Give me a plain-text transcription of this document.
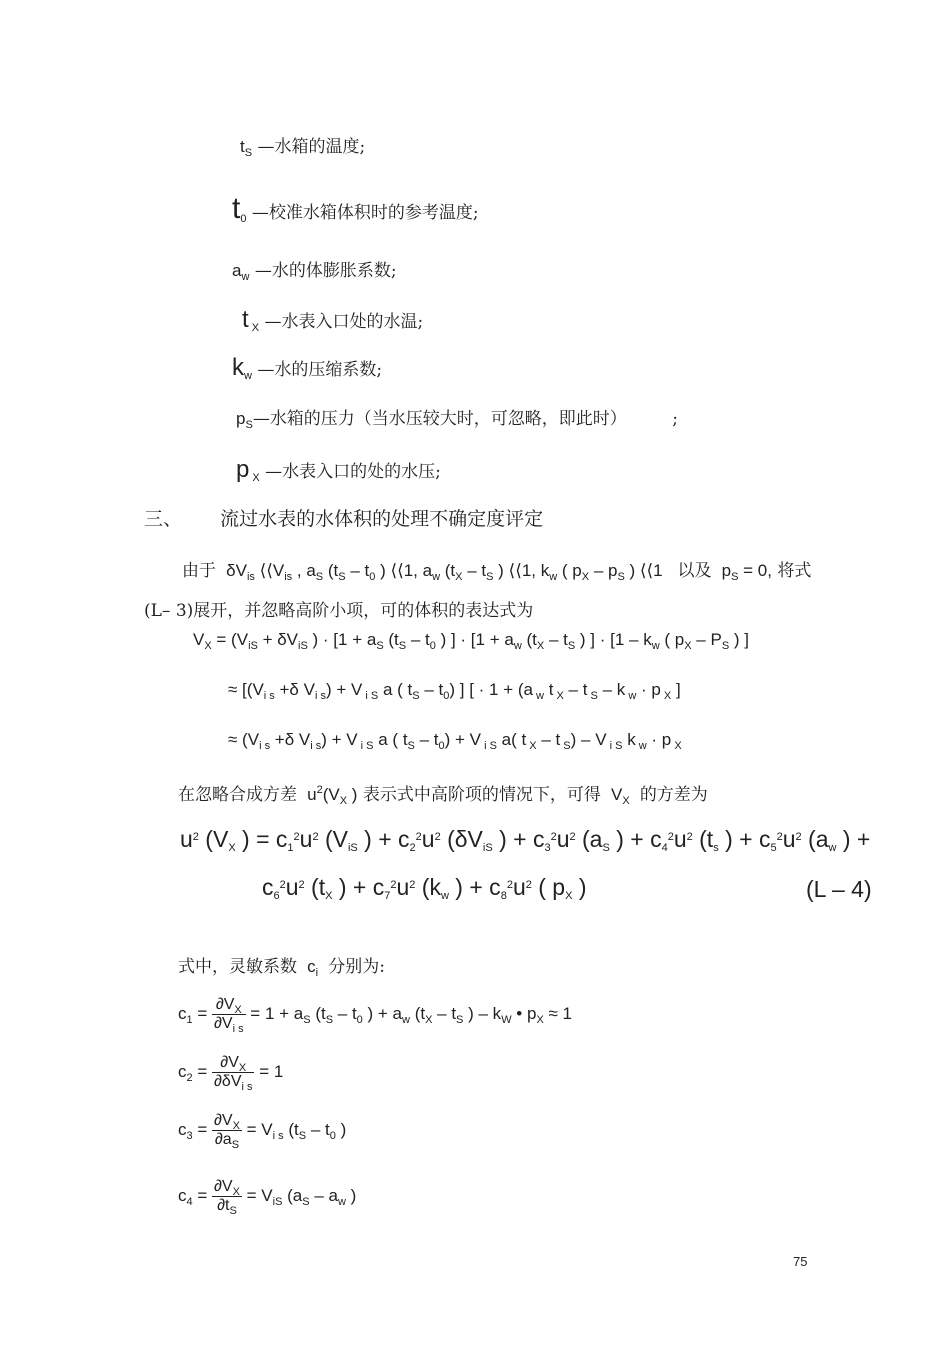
$t_S$ —水箱的温度;
$t_0$ —校准水箱体积时的参考温度;
$a_w$ —水的体膨胀系数;
t $_X$ —水表入口处的水温;
$k_w$ —水的压缩系数;
$p_S—$水箱的压力（当水压较大时，可忽略，即此时）	;
p $_X$ —水表入口的处的水压;
三、 流过水表的水体积的处理不确定度评定
由于  $\delta V_{is}$ $⟨⟨V_{is}$ , $a_S$ ($t_S - t_0$ ) ⟨⟨1, $a_w$ ($t_X - t_S$ ) ⟨⟨1, $k_w$ ( $p_X - p_S$ ) ⟨⟨1   以及  $p_S = 0$, 将式
(L– 3)展开，并忽略高阶小项，可的体积的表达式为
$V_X = (V_{iS} + \delta V_{iS}$ ) · [$1 + a_S$ ($t_S - t_0$ ) ] · [$1 + a_w$ ($t_X - t_S$ ) ] · [$1 - k_w$ ( $p_X - P_S$ ) ]
≈ [($V_{i s} +\delta$ $V_{i s}) + V$ $_{i S}$ a ( $t_S - t_0$) ] [ · 1 + (a $_w$ t $_X$ – t $_S$ – k $_w$ · p $_X$ ]
≈ ($V_{i s} +\delta$ $V_{i s}) + V$ $_{i S}$ a ( $t_S - t_0) + V$ $_{i S}$ a( t $_X$ – t $_S$) – V $_{i S}$ k $_w$ · p $_X$
在忽略合成方差  $u^2(V_X$ ) 表示式中高阶项的情况下，可得  $V_X$ 的方差为
$u^2$ (VX ) = $c1^2u^2$ (ViS ) + $c2^2u^2$ (δViS ) + $c3^2u^2$ (aS ) + $c4^2u^2$ (ts ) + $c5^2u^2$ (aw ) +
$c6^2u^2$ (tX ) + $c7^2u^2$ (kw ) + $c8^2u^2$ ( pX )	(L – 4)
式中，灵敏系数  $c_i$ 分别为:
$c_1 = \frac{\partial V_X}{\partial V_{i s}} = 1 + a_S$ ($t_S - t_0$ ) + $a_w$ ($t_X - t_S$ ) – $k_W$ • $p_X \approx 1$
$c_2 = \frac{\partial V_X}{\partial\delta V_{i s}} = 1$
$c_3 = \frac{\partial V_X}{\partial a_S} = V_{i s}$ ($t_S - t_0$ )
$c_4 = \frac{\partial V_X}{\partial t_S} = V_{iS}$ ($a_S - a_w$ )
75
